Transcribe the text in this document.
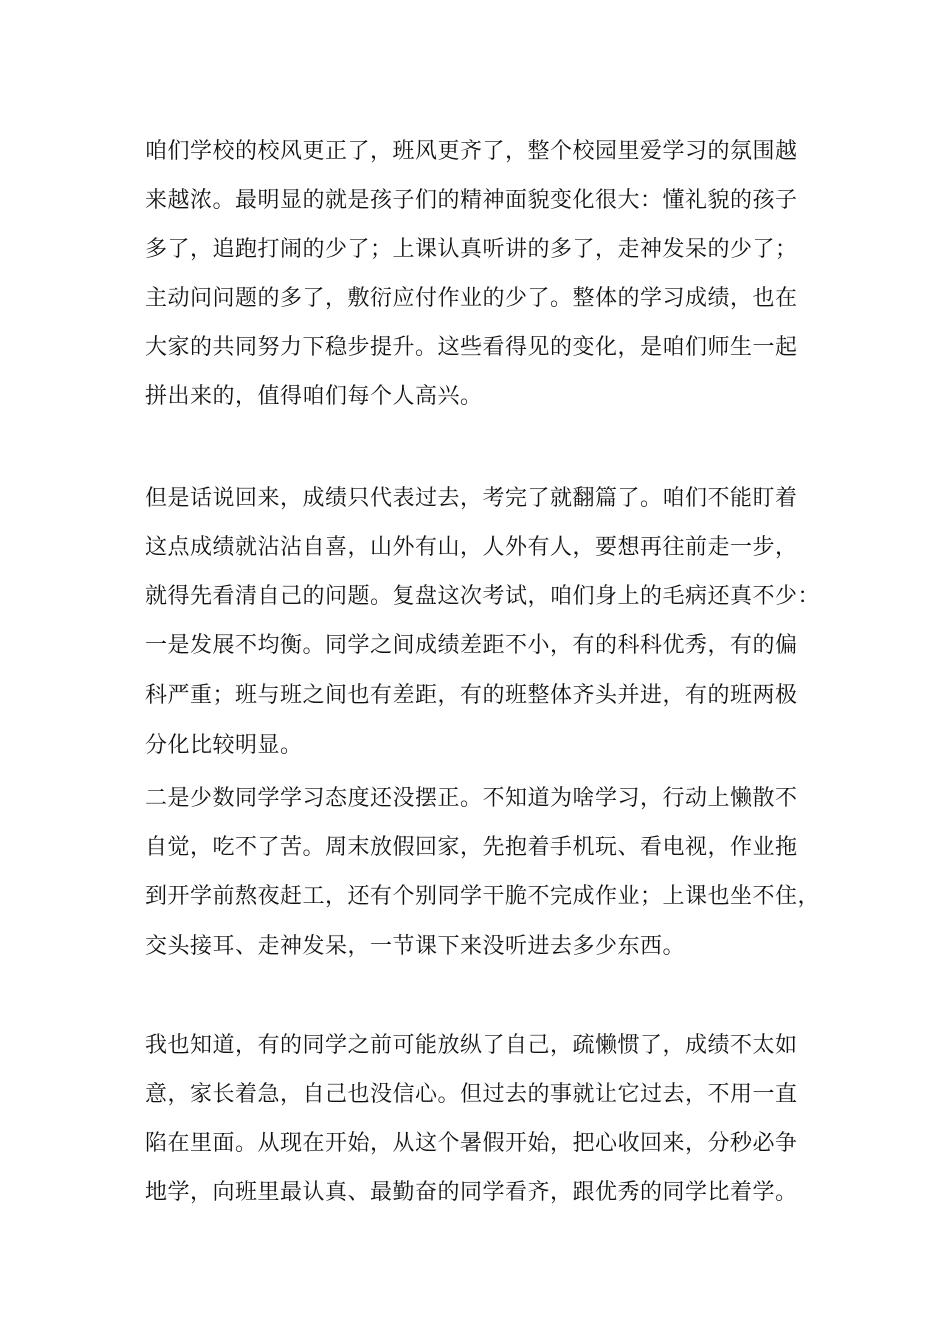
咱们学校的校风更正了，班风更齐了，整个校园里爱学习的氛围越
来越浓。最明显的就是孩子们的精神面貌变化很大：懂礼貌的孩子
多了，追跑打闹的少了；上课认真听讲的多了，走神发呆的少了；
主动问问题的多了，敷衍应付作业的少了。整体的学习成绩，也在
大家的共同努力下稳步提升。这些看得见的变化，是咱们师生一起
拼出来的，值得咱们每个人高兴。
但是话说回来，成绩只代表过去，考完了就翻篇了。咱们不能盯着
这点成绩就沾沾自喜，山外有山，人外有人，要想再往前走一步，
就得先看清自己的问题。复盘这次考试，咱们身上的毛病还真不少：
一是发展不均衡。同学之间成绩差距不小，有的科科优秀，有的偏
科严重；班与班之间也有差距，有的班整体齐头并进，有的班两极
分化比较明显。
二是少数同学学习态度还没摆正。不知道为啥学习，行动上懒散不
自觉，吃不了苦。周末放假回家，先抱着手机玩、看电视，作业拖
到开学前熬夜赶工，还有个别同学干脆不完成作业；上课也坐不住，
交头接耳、走神发呆，一节课下来没听进去多少东西。
我也知道，有的同学之前可能放纵了自己，疏懒惯了，成绩不太如
意，家长着急，自己也没信心。但过去的事就让它过去，不用一直
陷在里面。从现在开始，从这个暑假开始，把心收回来，分秒必争
地学，向班里最认真、最勤奋的同学看齐，跟优秀的同学比着学。
